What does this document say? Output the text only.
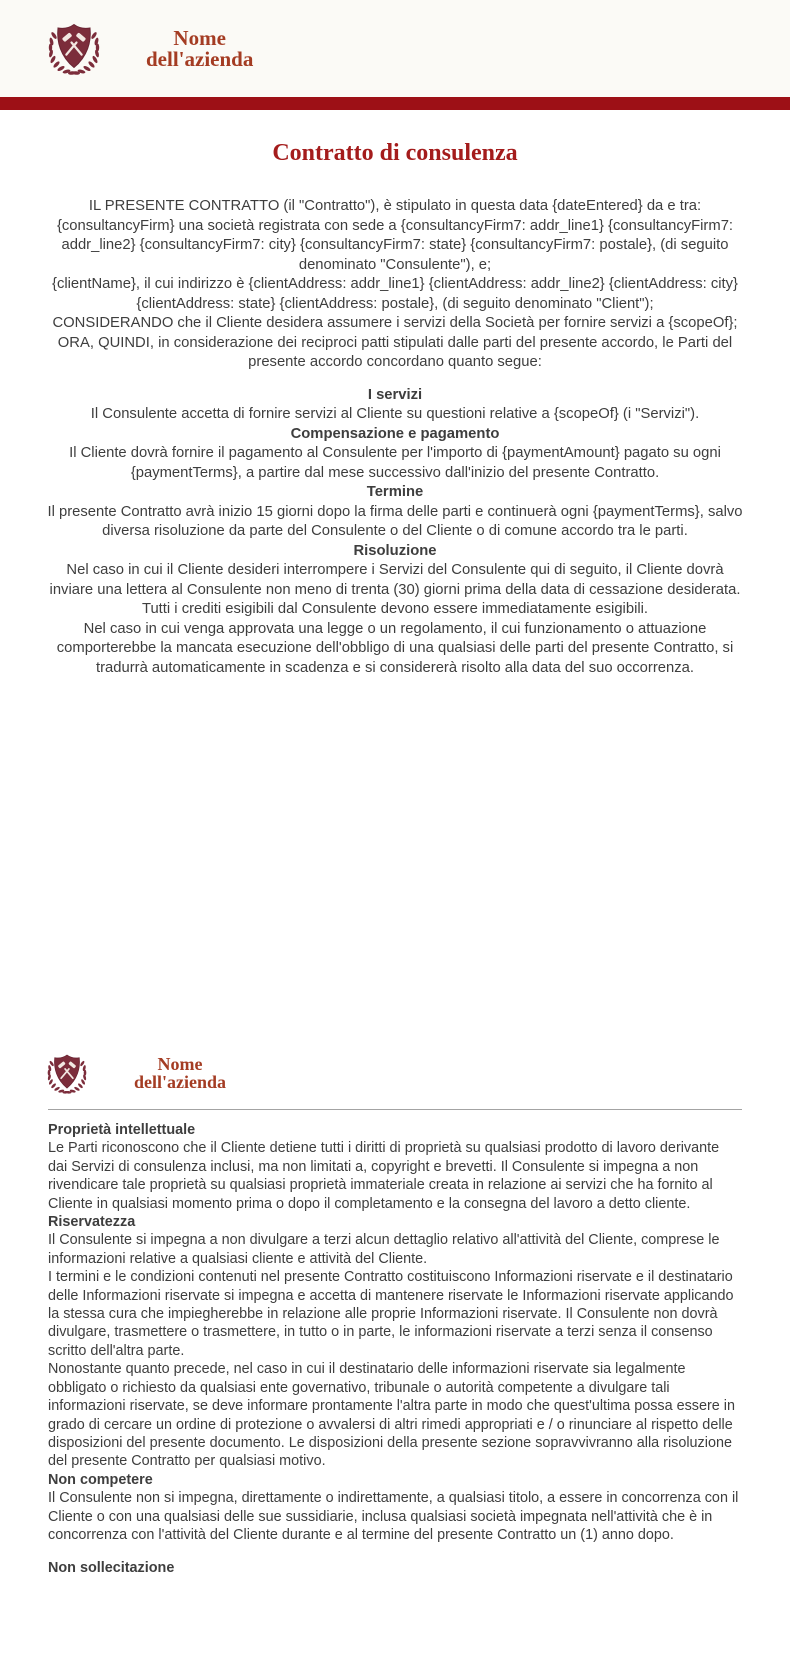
Nome
dell'azienda
Contratto di consulenza

IL PRESENTE CONTRATTO (il "Contratto"), è stipulato in questa data {dateEntered} da e tra:

{consultancyFirm} una società registrata con sede a {consultancyFirm7: addr_line1} {consultancyFirm7: addr_line2} {consultancyFirm7: city} {consultancyFirm7: state} {consultancyFirm7: postale}, (di seguito denominato "Consulente"), e;

{clientName}, il cui indirizzo è {clientAddress: addr_line1} {clientAddress: addr_line2} {clientAddress: city} {clientAddress: state} {clientAddress: postale}, (di seguito denominato "Client");

CONSIDERANDO che il Cliente desidera assumere i servizi della Società per fornire servizi a {scopeOf};

ORA, QUINDI, in considerazione dei reciproci patti stipulati dalle parti del presente accordo, le Parti del presente accordo concordano quanto segue:

I servizi

Il Consulente accetta di fornire servizi al Cliente su questioni relative a {scopeOf} (i "Servizi").

Compensazione e pagamento

Il Cliente dovrà fornire il pagamento al Consulente per l'importo di {paymentAmount} pagato su ogni {paymentTerms}, a partire dal mese successivo dall'inizio del presente Contratto.

Termine

Il presente Contratto avrà inizio 15 giorni dopo la firma delle parti e continuerà ogni {paymentTerms}, salvo diversa risoluzione da parte del Consulente o del Cliente o di comune accordo tra le parti.

Risoluzione

Nel caso in cui il Cliente desideri interrompere i Servizi del Consulente qui di seguito, il Cliente dovrà inviare una lettera al Consulente non meno di trenta (30) giorni prima della data di cessazione desiderata. Tutti i crediti esigibili dal Consulente devono essere immediatamente esigibili.

Nel caso in cui venga approvata una legge o un regolamento, il cui funzionamento o attuazione comporterebbe la mancata esecuzione dell'obbligo di una qualsiasi delle parti del presente Contratto, si tradurrà automaticamente in scadenza e si considererà risolto alla data del suo occorrenza.

Nome
dell'azienda

Proprietà intellettuale

Le Parti riconoscono che il Cliente detiene tutti i diritti di proprietà su qualsiasi prodotto di lavoro derivante dai Servizi di consulenza inclusi, ma non limitati a, copyright e brevetti. Il Consulente si impegna a non rivendicare tale proprietà su qualsiasi proprietà immateriale creata in relazione ai servizi che ha fornito al Cliente in qualsiasi momento prima o dopo il completamento e la consegna del lavoro a detto cliente.

Riservatezza

Il Consulente si impegna a non divulgare a terzi alcun dettaglio relativo all'attività del Cliente, comprese le informazioni relative a qualsiasi cliente e attività del Cliente.

I termini e le condizioni contenuti nel presente Contratto costituiscono Informazioni riservate e il destinatario delle Informazioni riservate si impegna e accetta di mantenere riservate le Informazioni riservate applicando la stessa cura che impiegherebbe in relazione alle proprie Informazioni riservate. Il Consulente non dovrà divulgare, trasmettere o trasmettere, in tutto o in parte, le informazioni riservate a terzi senza il consenso scritto dell'altra parte.

Nonostante quanto precede, nel caso in cui il destinatario delle informazioni riservate sia legalmente obbligato o richiesto da qualsiasi ente governativo, tribunale o autorità competente a divulgare tali informazioni riservate, se deve informare prontamente l'altra parte in modo che quest'ultima possa essere in grado di cercare un ordine di protezione o avvalersi di altri rimedi appropriati e / o rinunciare al rispetto delle disposizioni del presente documento. Le disposizioni della presente sezione sopravvivranno alla risoluzione del presente Contratto per qualsiasi motivo.

Non competere

Il Consulente non si impegna, direttamente o indirettamente, a qualsiasi titolo, a essere in concorrenza con il Cliente o con una qualsiasi delle sue sussidiarie, inclusa qualsiasi società impegnata nell'attività che è in concorrenza con l'attività del Cliente durante e al termine del presente Contratto un (1) anno dopo.

Non sollecitazione
